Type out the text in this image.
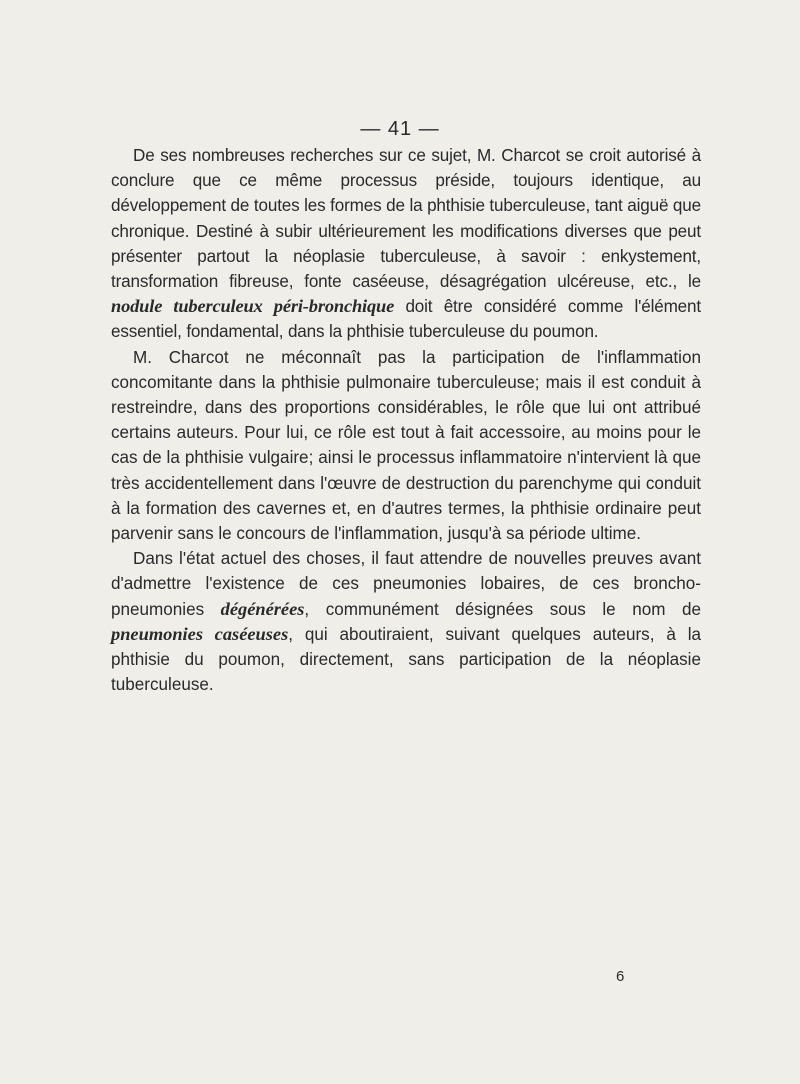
— 41 —

De ses nombreuses recherches sur ce sujet, M. Charcot se croit autorisé à conclure que ce même processus préside, toujours identique, au développement de toutes les formes de la phthisie tuberculeuse, tant aiguë que chronique. Destiné à subir ultérieurement les modifications diverses que peut présenter partout la néoplasie tuberculeuse, à savoir : enkystement, transformation fibreuse, fonte caséeuse, désagrégation ulcéreuse, etc., le nodule tuberculeux péri-bronchique doit être considéré comme l'élément essentiel, fondamental, dans la phthisie tuberculeuse du poumon.

M. Charcot ne méconnaît pas la participation de l'inflammation concomitante dans la phthisie pulmonaire tuberculeuse; mais il est conduit à restreindre, dans des proportions considérables, le rôle que lui ont attribué certains auteurs. Pour lui, ce rôle est tout à fait accessoire, au moins pour le cas de la phthisie vulgaire; ainsi le processus inflammatoire n'intervient là que très accidentellement dans l'œuvre de destruction du parenchyme qui conduit à la formation des cavernes et, en d'autres termes, la phthisie ordinaire peut parvenir sans le concours de l'inflammation, jusqu'à sa période ultime.

Dans l'état actuel des choses, il faut attendre de nouvelles preuves avant d'admettre l'existence de ces pneumonies lobaires, de ces broncho-pneumonies dégénérées, communément désignées sous le nom de pneumonies caséeuses, qui aboutiraient, suivant quelques auteurs, à la phthisie du poumon, directement, sans participation de la néoplasie tuberculeuse.

6
